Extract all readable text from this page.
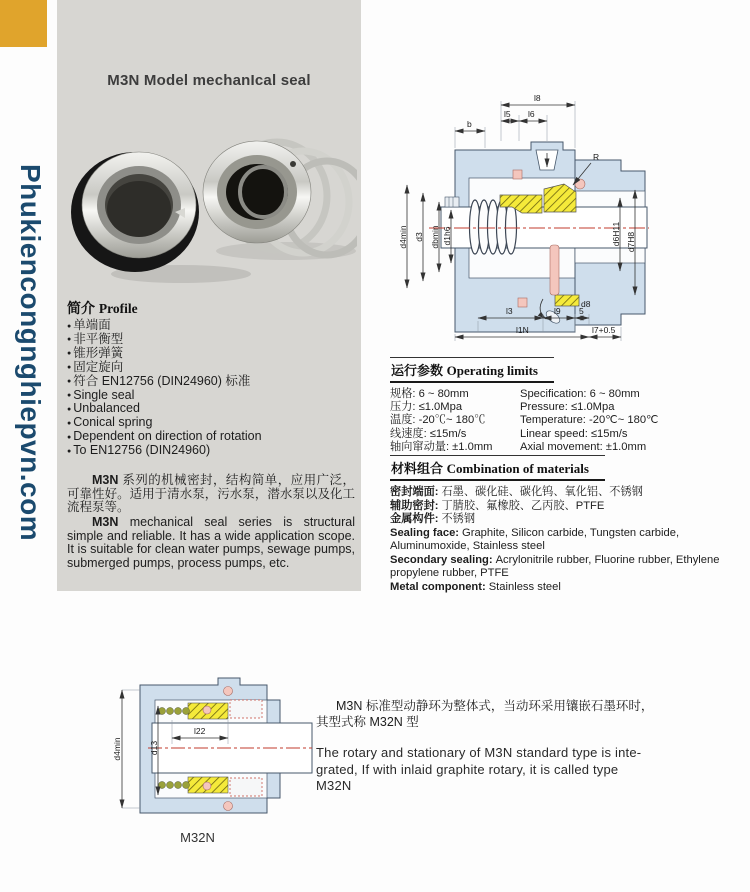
Phukiencongnghiepvn.com
M3N Model mechanIcal seal
简介 Profile
● 单端面
● 非平衡型
● 锥形弹簧
● 固定旋向
● 符合 EN12756 (DIN24960) 标准
● Single seal
● Unbalanced
● Conical spring
● Dependent on direction of rotation
● To EN12756 (DIN24960)

M3N 系列的机械密封，结构简单，应用广泛，可靠性好。适用于清水泵，污水泵，潜水泵以及化工流程泵等。

M3N mechanical seal series is structural simple and reliable. It has a wide application scope. It is suitable for clean water pumps, sewage pumps, submerged pumps, process pumps, etc.

R
b
l8
l5 l6
d4min d3 dbmin d1h6	d6H11 d7H8
l3	l9 5
l1N	l7+0.5
d8
运行参数 Operating limits
规格: 6 ~ 80mm	Specification: 6 ~ 80mm
压力: ≤1.0Mpa	Pressure: ≤1.0Mpa
温度: -20℃~ 180℃	Temperature: -20℃~ 180℃
线速度: ≤15m/s	Linear speed: ≤15m/s
轴向窜动量: ±1.0mm	Axial movement: ±1.0mm
材料组合 Combination of materials
密封端面: 石墨、碳化硅、碳化钨、氧化铝、不锈钢
辅助密封: 丁腈胶、氟橡胶、乙丙胶、PTFE
金属构件: 不锈钢
Sealing face: Graphite, Silicon carbide, Tungsten carbide, Aluminumoxide, Stainless steel
Secondary sealing: Acrylonitrile rubber, Fluorine rubber, Ethylene propylene rubber, PTFE
Metal component: Stainless steel
d4min	d13
l22
M32N
M3N 标准型动静环为整体式，当动环采用镶嵌石墨环时，
其型式称 M32N 型
The rotary and stationary of M3N standard type is inte-
grated, If with inlaid graphite rotary, it is called type
M32N
